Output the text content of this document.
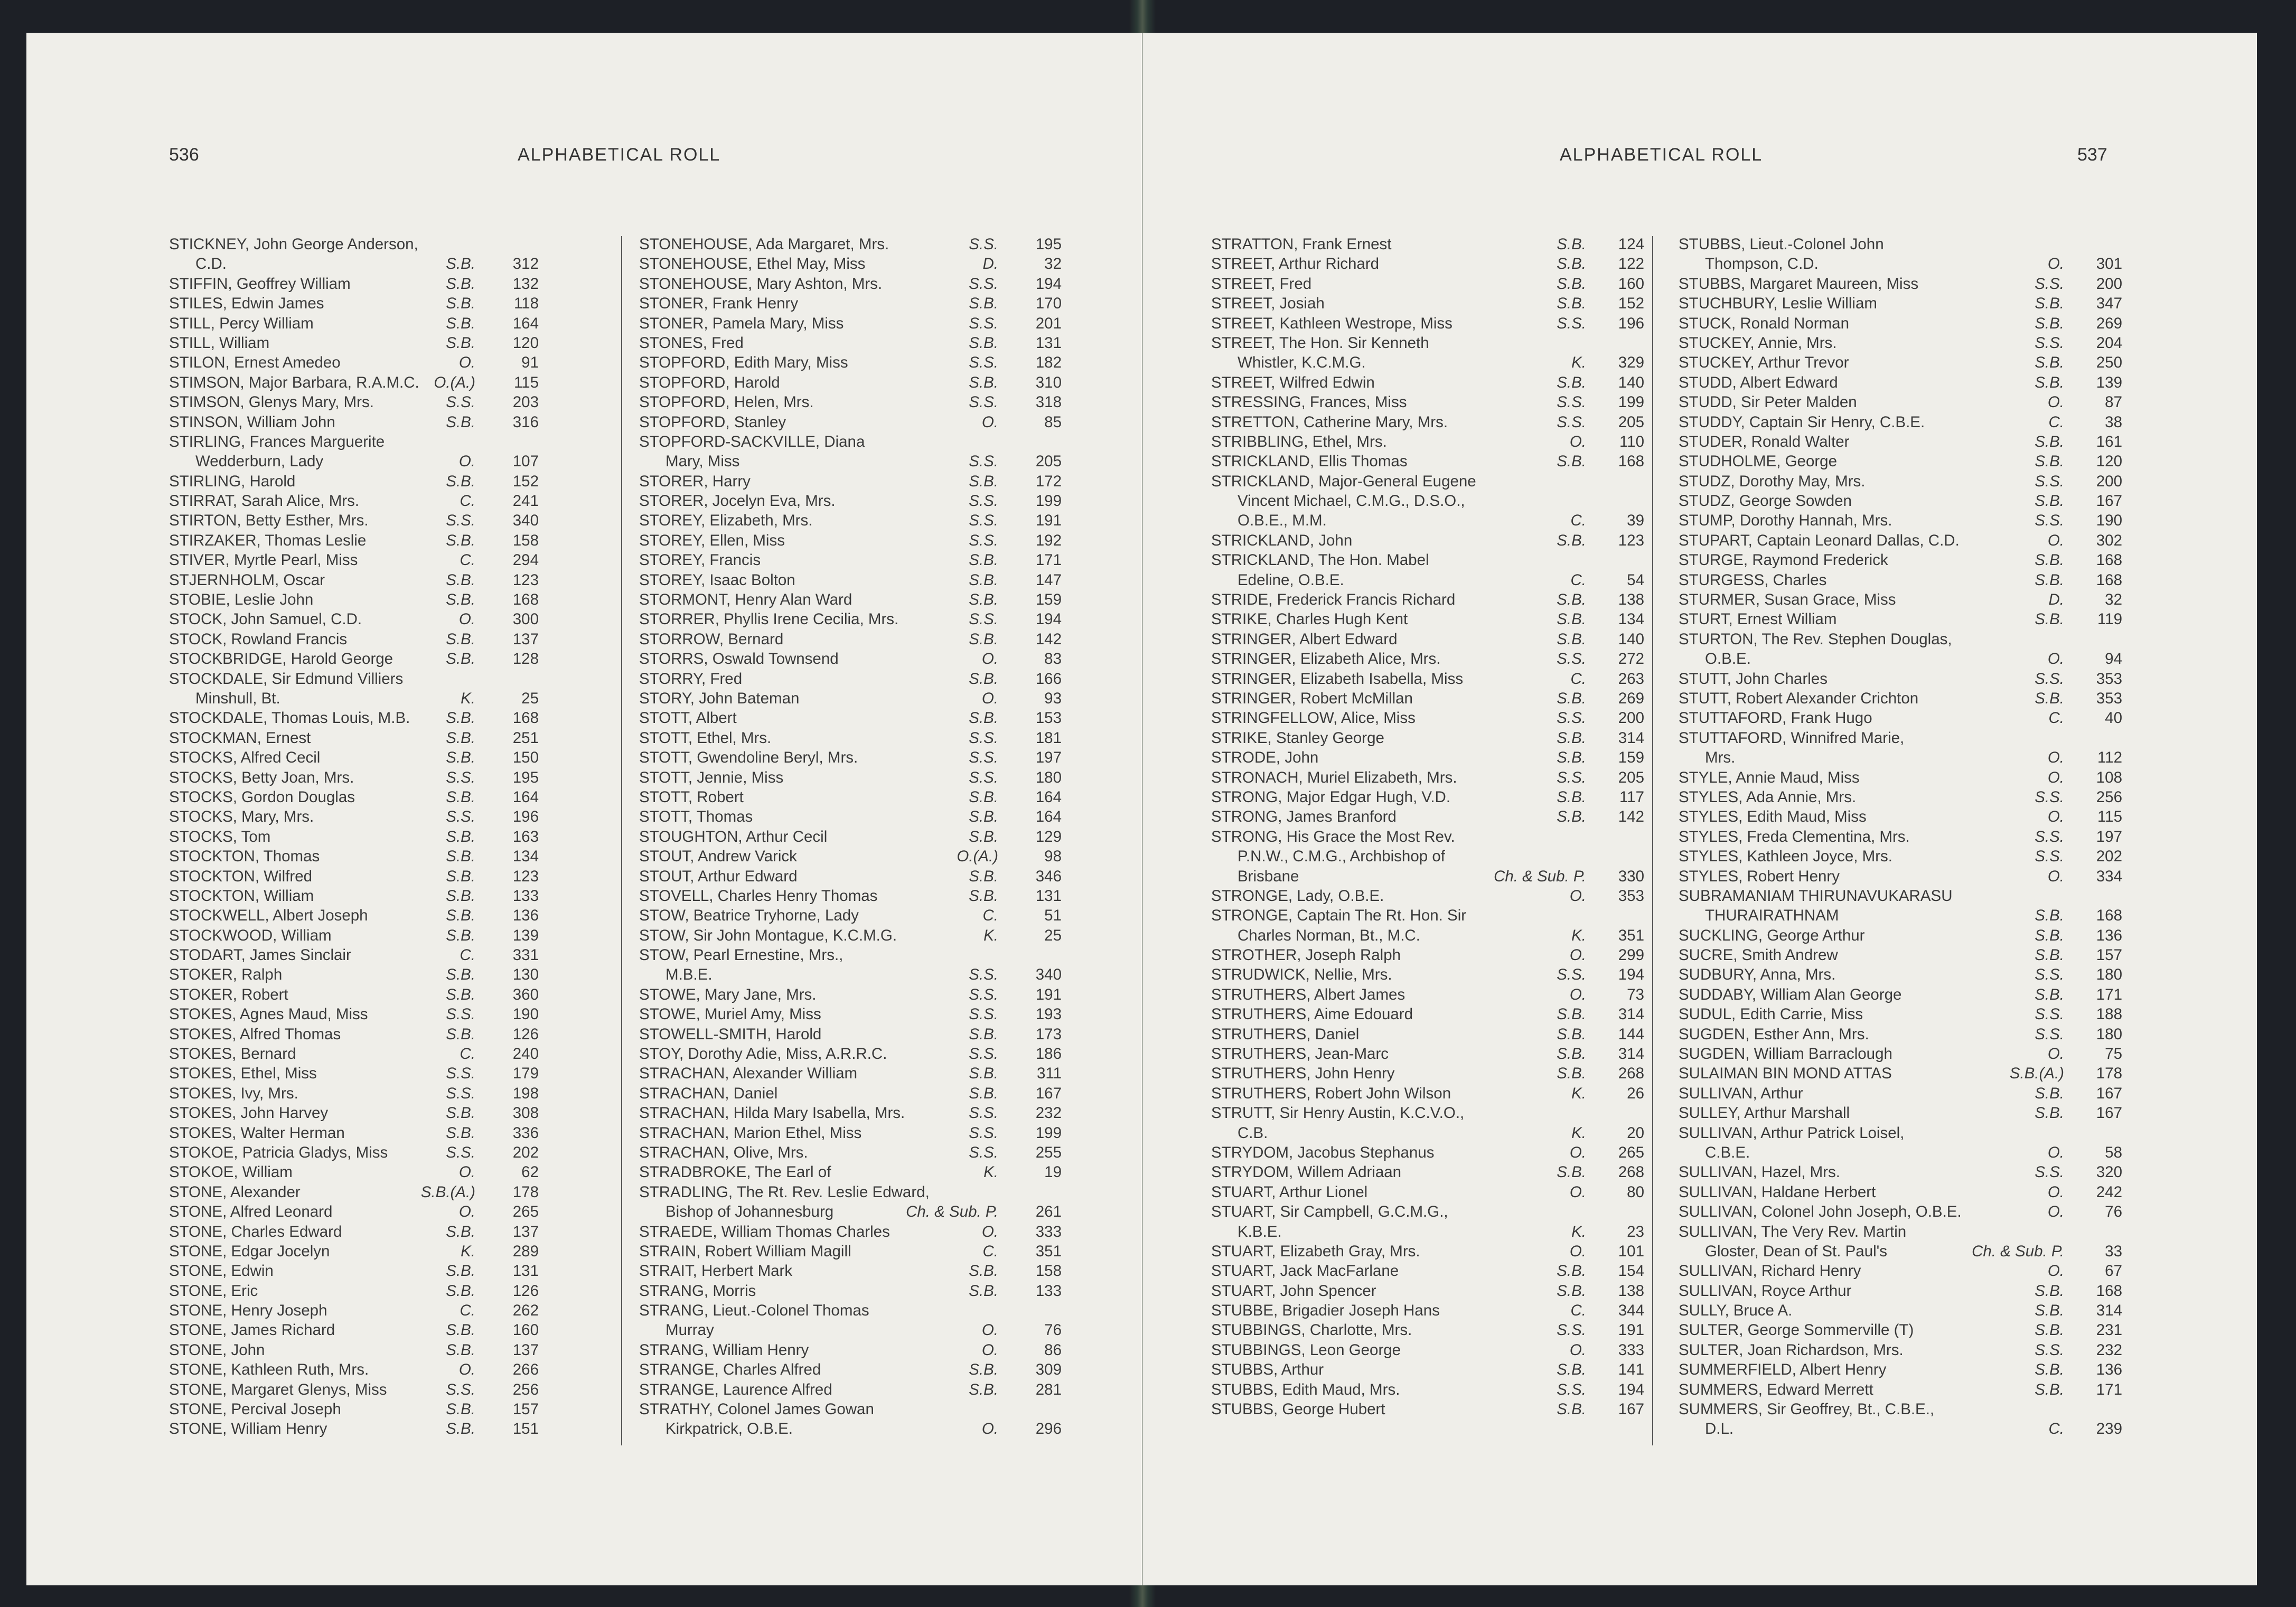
536	ALPHABETICAL ROLL
STICKNEY, John George Anderson,
C.D.	S.B.	312
STIFFIN, Geoffrey William	S.B.	132
STILES, Edwin James	S.B.	118
STILL, Percy William	S.B.	164
STILL, William	S.B.	120
STILON, Ernest Amedeo	O.	91
STIMSON, Major Barbara, R.A.M.C. O.(A.)	115
STIMSON, Glenys Mary, Mrs.	S.S.	203
STINSON, William John	S.B.	316
STIRLING, Frances Marguerite
Wedderburn, Lady	O.	107
STIRLING, Harold	S.B.	152
STIRRAT, Sarah Alice, Mrs.	C.	241
STIRTON, Betty Esther, Mrs.	S.S.	340
STIRZAKER, Thomas Leslie	S.B.	158
STIVER, Myrtle Pearl, Miss	C.	294
STJERNHOLM, Oscar	S.B.	123
STOBIE, Leslie John	S.B.	168
STOCK, John Samuel, C.D.	O.	300
STOCK, Rowland Francis	S.B.	137
STOCKBRIDGE, Harold George	S.B.	128
STOCKDALE, Sir Edmund Villiers
Minshull, Bt.	K.	25
STOCKDALE, Thomas Louis, M.B.	S.B.	168
STOCKMAN, Ernest	S.B.	251
STOCKS, Alfred Cecil	S.B.	150
STOCKS, Betty Joan, Mrs.	S.S.	195
STOCKS, Gordon Douglas	S.B.	164
STOCKS, Mary, Mrs.	S.S.	196
STOCKS, Tom	S.B.	163
STOCKTON, Thomas	S.B.	134
STOCKTON, Wilfred	S.B.	123
STOCKTON, William	S.B.	133
STOCKWELL, Albert Joseph	S.B.	136
STOCKWOOD, William	S.B.	139
STODART, James Sinclair	C.	331
STOKER, Ralph	S.B.	130
STOKER, Robert	S.B.	360
STOKES, Agnes Maud, Miss	S.S.	190
STOKES, Alfred Thomas	S.B.	126
STOKES, Bernard	C.	240
STOKES, Ethel, Miss	S.S.	179
STOKES, Ivy, Mrs.	S.S.	198
STOKES, John Harvey	S.B.	308
STOKES, Walter Herman	S.B.	336
STOKOE, Patricia Gladys, Miss	S.S.	202
STOKOE, William	O.	62
STONE, Alexander	S.B.(A.)	178
STONE, Alfred Leonard	O.	265
STONE, Charles Edward	S.B.	137
STONE, Edgar Jocelyn	K.	289
STONE, Edwin	S.B.	131
STONE, Eric	S.B.	126
STONE, Henry Joseph	C.	262
STONE, James Richard	S.B.	160
STONE, John	S.B.	137
STONE, Kathleen Ruth, Mrs.	O.	266
STONE, Margaret Glenys, Miss	S.S.	256
STONE, Percival Joseph	S.B.	157
STONE, William Henry	S.B.	151
STONEHOUSE, Ada Margaret, Mrs.	S.S.	195
STONEHOUSE, Ethel May, Miss	D.	32
STONEHOUSE, Mary Ashton, Mrs.	S.S.	194
STONER, Frank Henry	S.B.	170
STONER, Pamela Mary, Miss	S.S.	201
STONES, Fred	S.B.	131
STOPFORD, Edith Mary, Miss	S.S.	182
STOPFORD, Harold	S.B.	310
STOPFORD, Helen, Mrs.	S.S.	318
STOPFORD, Stanley	O.	85
STOPFORD-SACKVILLE, Diana
Mary, Miss	S.S.	205
STORER, Harry	S.B.	172
STORER, Jocelyn Eva, Mrs.	S.S.	199
STOREY, Elizabeth, Mrs.	S.S.	191
STOREY, Ellen, Miss	S.S.	192
STOREY, Francis	S.B.	171
STOREY, Isaac Bolton	S.B.	147
STORMONT, Henry Alan Ward	S.B.	159
STORRER, Phyllis Irene Cecilia, Mrs.	S.S.	194
STORROW, Bernard	S.B.	142
STORRS, Oswald Townsend	O.	83
STORRY, Fred	S.B.	166
STORY, John Bateman	O.	93
STOTT, Albert	S.B.	153
STOTT, Ethel, Mrs.	S.S.	181
STOTT, Gwendoline Beryl, Mrs.	S.S.	197
STOTT, Jennie, Miss	S.S.	180
STOTT, Robert	S.B.	164
STOTT, Thomas	S.B.	164
STOUGHTON, Arthur Cecil	S.B.	129
STOUT, Andrew Varick	O.(A.)	98
STOUT, Arthur Edward	S.B.	346
STOVELL, Charles Henry Thomas	S.B.	131
STOW, Beatrice Tryhorne, Lady	C.	51
STOW, Sir John Montague, K.C.M.G.	K.	25
STOW, Pearl Ernestine, Mrs.,
M.B.E.	S.S.	340
STOWE, Mary Jane, Mrs.	S.S.	191
STOWE, Muriel Amy, Miss	S.S.	193
STOWELL-SMITH, Harold	S.B.	173
STOY, Dorothy Adie, Miss, A.R.R.C.	S.S.	186
STRACHAN, Alexander William	S.B.	311
STRACHAN, Daniel	S.B.	167
STRACHAN, Hilda Mary Isabella, Mrs.	S.S.	232
STRACHAN, Marion Ethel, Miss	S.S.	199
STRACHAN, Olive, Mrs.	S.S.	255
STRADBROKE, The Earl of	K.	19
STRADLING, The Rt. Rev. Leslie Edward,
Bishop of Johannesburg	Ch. & Sub. P.	261
STRAEDE, William Thomas Charles	O.	333
STRAIN, Robert William Magill	C.	351
STRAIT, Herbert Mark	S.B.	158
STRANG, Morris	S.B.	133
STRANG, Lieut.-Colonel Thomas
Murray	O.	76
STRANG, William Henry	O.	86
STRANGE, Charles Alfred	S.B.	309
STRANGE, Laurence Alfred	S.B.	281
STRATHY, Colonel James Gowan
Kirkpatrick, O.B.E.	O.	296
ALPHABETICAL ROLL	537
STRATTON, Frank Ernest	S.B.	124
STREET, Arthur Richard	S.B.	122
STREET, Fred	S.B.	160
STREET, Josiah	S.B.	152
STREET, Kathleen Westrope, Miss	S.S.	196
STREET, The Hon. Sir Kenneth
Whistler, K.C.M.G.	K.	329
STREET, Wilfred Edwin	S.B.	140
STRESSING, Frances, Miss	S.S.	199
STRETTON, Catherine Mary, Mrs.	S.S.	205
STRIBBLING, Ethel, Mrs.	O.	110
STRICKLAND, Ellis Thomas	S.B.	168
STRICKLAND, Major-General Eugene
Vincent Michael, C.M.G., D.S.O.,
O.B.E., M.M.	C.	39
STRICKLAND, John	S.B.	123
STRICKLAND, The Hon. Mabel
Edeline, O.B.E.	C.	54
STRIDE, Frederick Francis Richard	S.B.	138
STRIKE, Charles Hugh Kent	S.B.	134
STRINGER, Albert Edward	S.B.	140
STRINGER, Elizabeth Alice, Mrs.	S.S.	272
STRINGER, Elizabeth Isabella, Miss	C.	263
STRINGER, Robert McMillan	S.B.	269
STRINGFELLOW, Alice, Miss	S.S.	200
STRIKE, Stanley George	S.B.	314
STRODE, John	S.B.	159
STRONACH, Muriel Elizabeth, Mrs.	S.S.	205
STRONG, Major Edgar Hugh, V.D.	S.B.	117
STRONG, James Branford	S.B.	142
STRONG, His Grace the Most Rev.
P.N.W., C.M.G., Archbishop of
Brisbane	Ch. & Sub. P.	330
STRONGE, Lady, O.B.E.	O.	353
STRONGE, Captain The Rt. Hon. Sir
Charles Norman, Bt., M.C.	K.	351
STROTHER, Joseph Ralph	O.	299
STRUDWICK, Nellie, Mrs.	S.S.	194
STRUTHERS, Albert James	O.	73
STRUTHERS, Aime Edouard	S.B.	314
STRUTHERS, Daniel	S.B.	144
STRUTHERS, Jean-Marc	S.B.	314
STRUTHERS, John Henry	S.B.	268
STRUTHERS, Robert John Wilson	K.	26
STRUTT, Sir Henry Austin, K.C.V.O.,
C.B.	K.	20
STRYDOM, Jacobus Stephanus	O.	265
STRYDOM, Willem Adriaan	S.B.	268
STUART, Arthur Lionel	O.	80
STUART, Sir Campbell, G.C.M.G.,
K.B.E.	K.	23
STUART, Elizabeth Gray, Mrs.	O.	101
STUART, Jack MacFarlane	S.B.	154
STUART, John Spencer	S.B.	138
STUBBE, Brigadier Joseph Hans	C.	344
STUBBINGS, Charlotte, Mrs.	S.S.	191
STUBBINGS, Leon George	O.	333
STUBBS, Arthur	S.B.	141
STUBBS, Edith Maud, Mrs.	S.S.	194
STUBBS, George Hubert	S.B.	167
STUBBS, Lieut.-Colonel John
Thompson, C.D.	O.	301
STUBBS, Margaret Maureen, Miss	S.S.	200
STUCHBURY, Leslie William	S.B.	347
STUCK, Ronald Norman	S.B.	269
STUCKEY, Annie, Mrs.	S.S.	204
STUCKEY, Arthur Trevor	S.B.	250
STUDD, Albert Edward	S.B.	139
STUDD, Sir Peter Malden	O.	87
STUDDY, Captain Sir Henry, C.B.E.	C.	38
STUDER, Ronald Walter	S.B.	161
STUDHOLME, George	S.B.	120
STUDZ, Dorothy May, Mrs.	S.S.	200
STUDZ, George Sowden	S.B.	167
STUMP, Dorothy Hannah, Mrs.	S.S.	190
STUPART, Captain Leonard Dallas, C.D.	O.	302
STURGE, Raymond Frederick	S.B.	168
STURGESS, Charles	S.B.	168
STURMER, Susan Grace, Miss	D.	32
STURT, Ernest William	S.B.	119
STURTON, The Rev. Stephen Douglas,
O.B.E.	O.	94
STUTT, John Charles	S.S.	353
STUTT, Robert Alexander Crichton	S.B.	353
STUTTAFORD, Frank Hugo	C.	40
STUTTAFORD, Winnifred Marie,
Mrs.	O.	112
STYLE, Annie Maud, Miss	O.	108
STYLES, Ada Annie, Mrs.	S.S.	256
STYLES, Edith Maud, Miss	O.	115
STYLES, Freda Clementina, Mrs.	S.S.	197
STYLES, Kathleen Joyce, Mrs.	S.S.	202
STYLES, Robert Henry	O.	334
SUBRAMANIAM THIRUNAVUKARASU
THURAIRATHNAM	S.B.	168
SUCKLING, George Arthur	S.B.	136
SUCRE, Smith Andrew	S.B.	157
SUDBURY, Anna, Mrs.	S.S.	180
SUDDABY, William Alan George	S.B.	171
SUDUL, Edith Carrie, Miss	S.S.	188
SUGDEN, Esther Ann, Mrs.	S.S.	180
SUGDEN, William Barraclough	O.	75
SULAIMAN BIN MOND ATTAS	S.B.(A.)	178
SULLIVAN, Arthur	S.B.	167
SULLEY, Arthur Marshall	S.B.	167
SULLIVAN, Arthur Patrick Loisel,
C.B.E.	O.	58
SULLIVAN, Hazel, Mrs.	S.S.	320
SULLIVAN, Haldane Herbert	O.	242
SULLIVAN, Colonel John Joseph, O.B.E.	O.	76
SULLIVAN, The Very Rev. Martin
Gloster, Dean of St. Paul's	Ch. & Sub. P.	33
SULLIVAN, Richard Henry	O.	67
SULLIVAN, Royce Arthur	S.B.	168
SULLY, Bruce A.	S.B.	314
SULTER, George Sommerville (T)	S.B.	231
SULTER, Joan Richardson, Mrs.	S.S.	232
SUMMERFIELD, Albert Henry	S.B.	136
SUMMERS, Edward Merrett	S.B.	171
SUMMERS, Sir Geoffrey, Bt., C.B.E.,
D.L.	C.	239
